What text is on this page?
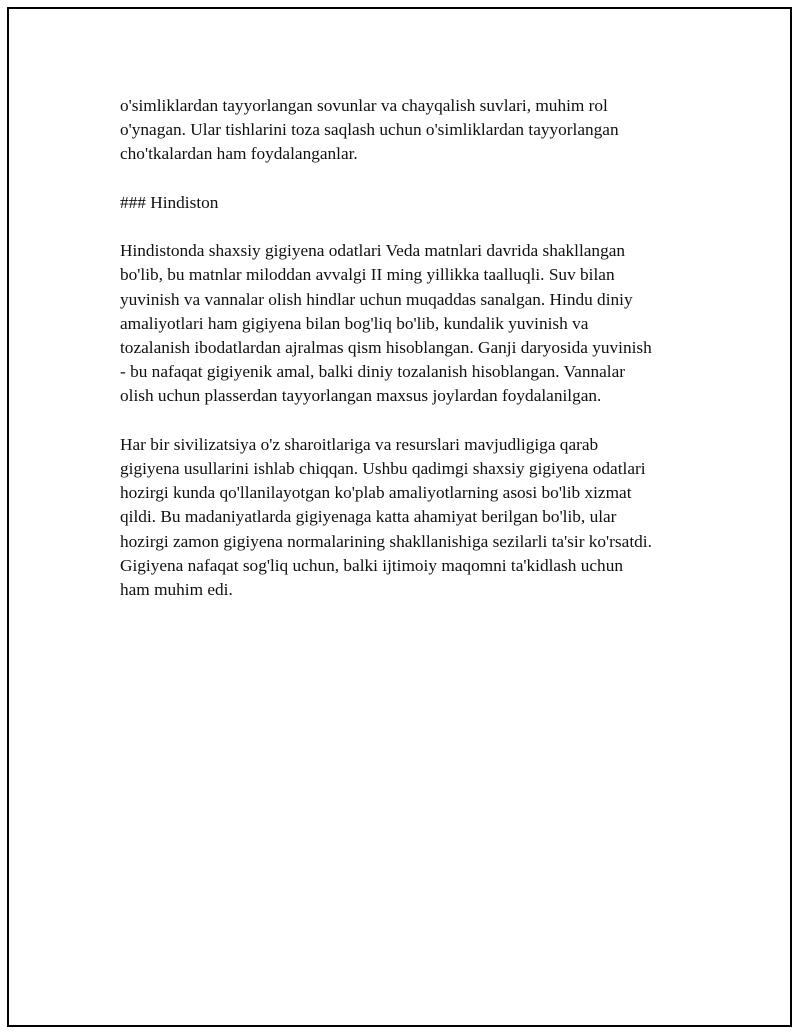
o'simliklardan tayyorlangan sovunlar va chayqalish suvlari, muhim rol
o'ynagan. Ular tishlarini toza saqlash uchun o'simliklardan tayyorlangan
cho'tkalardan ham foydalanganlar.

### Hindiston

Hindistonda shaxsiy gigiyena odatlari Veda matnlari davrida shakllangan
bo'lib, bu matnlar miloddan avvalgi II ming yillikka taalluqli. Suv bilan
yuvinish va vannalar olish hindlar uchun muqaddas sanalgan. Hindu diniy
amaliyotlari ham gigiyena bilan bog'liq bo'lib, kundalik yuvinish va
tozalanish ibodatlardan ajralmas qism hisoblangan. Ganji daryosida yuvinish
- bu nafaqat gigiyenik amal, balki diniy tozalanish hisoblangan. Vannalar
olish uchun plasserdan tayyorlangan maxsus joylardan foydalanilgan.

Har bir sivilizatsiya o'z sharoitlariga va resurslari mavjudligiga qarab
gigiyena usullarini ishlab chiqqan. Ushbu qadimgi shaxsiy gigiyena odatlari
hozirgi kunda qo'llanilayotgan ko'plab amaliyotlarning asosi bo'lib xizmat
qildi. Bu madaniyatlarda gigiyenaga katta ahamiyat berilgan bo'lib, ular
hozirgi zamon gigiyena normalarining shakllanishiga sezilarli ta'sir ko'rsatdi.
Gigiyena nafaqat sog'liq uchun, balki ijtimoiy maqomni ta'kidlash uchun
ham muhim edi.
